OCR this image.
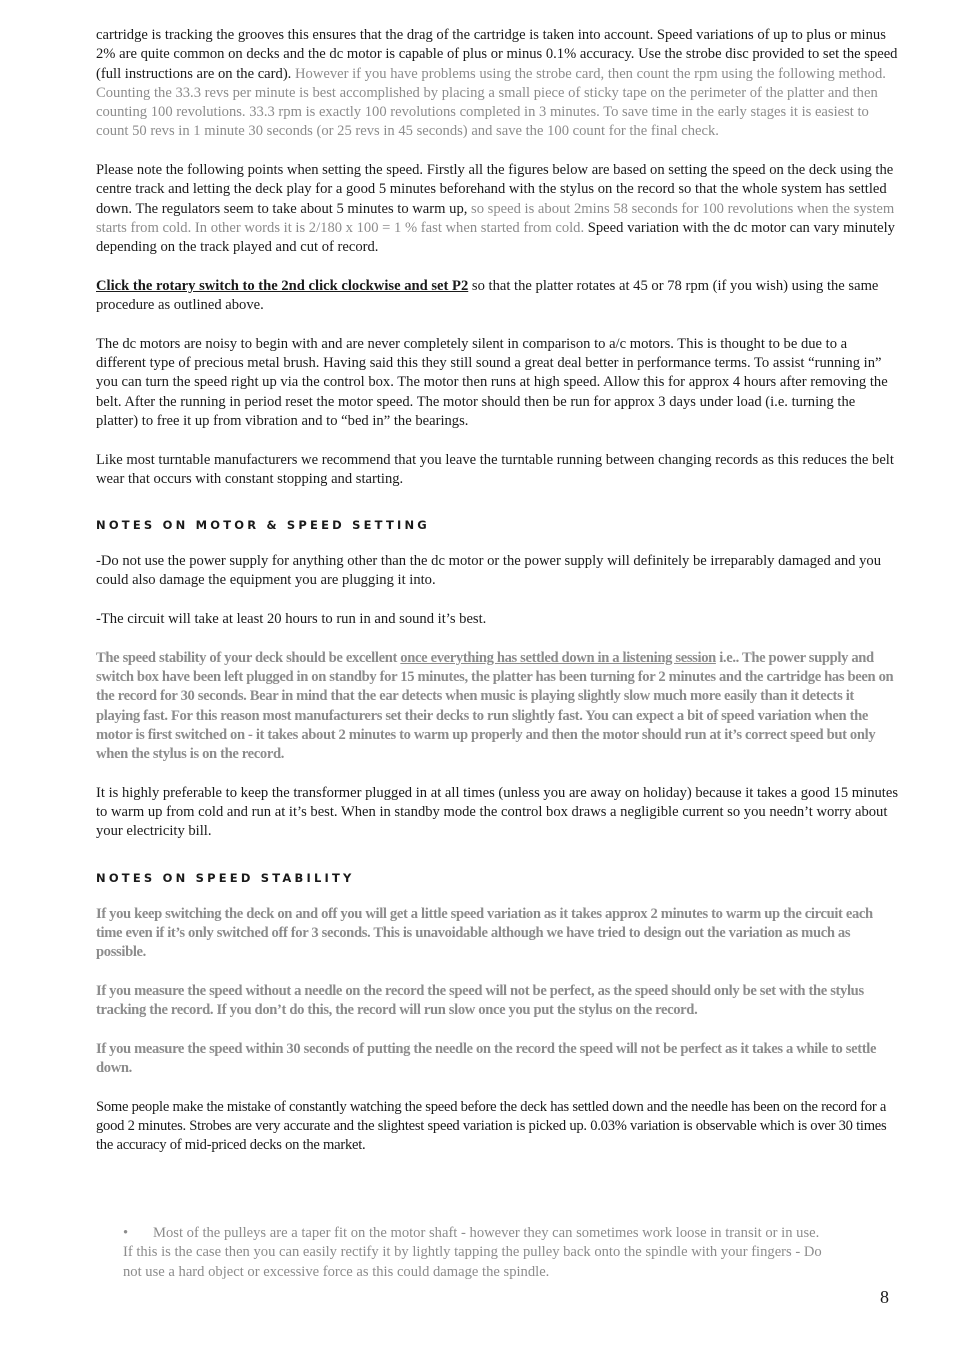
cartridge is tracking the grooves this ensures that the drag of the cartridge is taken into account. Speed variations of up to plus or minus 2% are quite common on decks and the dc motor is capable of plus or minus 0.1% accuracy. Use the strobe disc provided to set the speed (full instructions are on the card). However if you have problems using the strobe card, then count the rpm using the following method. Counting the 33.3 revs per minute is best accomplished by placing a small piece of sticky tape on the perimeter of the platter and then counting 100 revolutions. 33.3 rpm is exactly 100 revolutions completed in 3 minutes. To save time in the early stages it is easiest to count 50 revs in 1 minute 30 seconds (or 25 revs in 45 seconds) and save the 100 count for the final check.

Please note the following points when setting the speed. Firstly all the figures below are based on setting the speed on the deck using the centre track and letting the deck play for a good 5 minutes beforehand with the stylus on the record so that the whole system has settled down. The regulators seem to take about 5 minutes to warm up, so speed is about 2mins 58 seconds for 100 revolutions when the system starts from cold. In other words it is 2/180 x 100 = 1 % fast when started from cold. Speed variation with the dc motor can vary minutely depending on the track played and cut of record.

Click the rotary switch to the 2nd click clockwise and set P2 so that the platter rotates at 45 or 78 rpm (if you wish) using the same procedure as outlined above.

The dc motors are noisy to begin with and are never completely silent in comparison to a/c motors. This is thought to be due to a different type of precious metal brush. Having said this they still sound a great deal better in performance terms. To assist “running in” you can turn the speed right up via the control box. The motor then runs at high speed. Allow this for approx 4 hours after removing the belt. After the running in period reset the motor speed. The motor should then be run for approx 3 days under load (i.e. turning the platter) to free it up from vibration and to “bed in” the bearings.

Like most turntable manufacturers we recommend that you leave the turntable running between changing records as this reduces the belt wear that occurs with constant stopping and starting.

NOTES ON MOTOR & SPEED SETTING

-Do not use the power supply for anything other than the dc motor or the power supply will definitely be irreparably damaged and you could also damage the equipment you are plugging it into.

-The circuit will take at least 20 hours to run in and sound it’s best.

The speed stability of your deck should be excellent once everything has settled down in a listening session i.e.. The power supply and switch box have been left plugged in on standby for 15 minutes, the platter has been turning for 2 minutes and the cartridge has been on the record for 30 seconds. Bear in mind that the ear detects when music is playing slightly slow much more easily than it detects it playing fast. For this reason most manufacturers set their decks to run slightly fast. You can expect a bit of speed variation when the motor is first switched on - it takes about 2 minutes to warm up properly and then the motor should run at it’s correct speed but only when the stylus is on the record.

It is highly preferable to keep the transformer plugged in at all times (unless you are away on holiday) because it takes a good 15 minutes to warm up from cold and run at it’s best. When in standby mode the control box draws a negligible current so you needn’t worry about your electricity bill.

NOTES ON SPEED STABILITY

If you keep switching the deck on and off you will get a little speed variation as it takes approx 2 minutes to warm up the circuit each time even if it’s only switched off for 3 seconds. This is unavoidable although we have tried to design out the variation as much as possible.

If you measure the speed without a needle on the record the speed will not be perfect, as the speed should only be set with the stylus tracking the record. If you don’t do this, the record will run slow once you put the stylus on the record.

If you measure the speed within 30 seconds of putting the needle on the record the speed will not be perfect as it takes a while to settle down.

Some people make the mistake of constantly watching the speed before the deck has settled down and the needle has been on the record for a good 2 minutes. Strobes are very accurate and the slightest speed variation is picked up. 0.03% variation is observable which is over 30 times the accuracy of mid-priced decks on the market.

• Most of the pulleys are a taper fit on the motor shaft - however they can sometimes work loose in transit or in use. If this is the case then you can easily rectify it by lightly tapping the pulley back onto the spindle with your fingers - Do not use a hard object or excessive force as this could damage the spindle.
8
